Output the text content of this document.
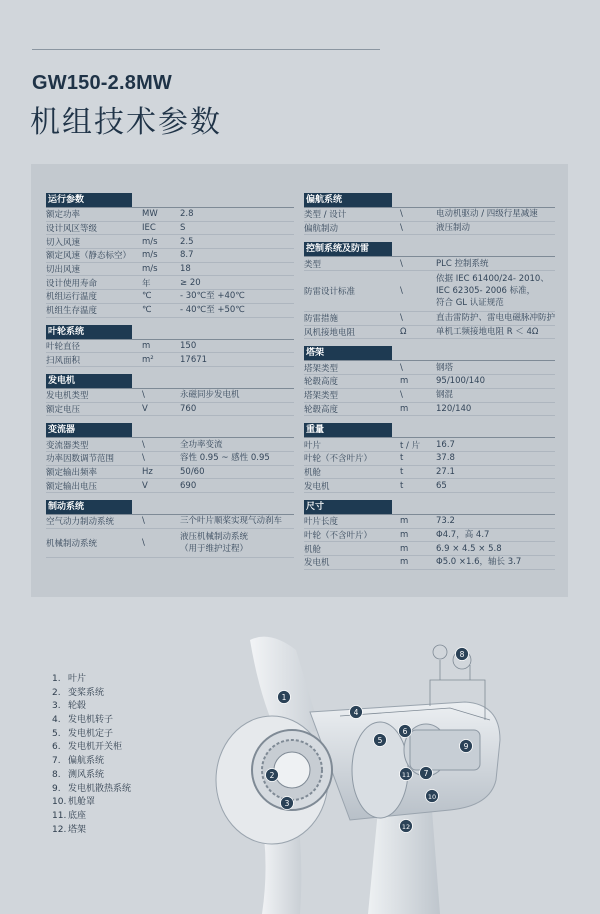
GW150-2.8MW
机组技术参数
运行参数
额定功率	MW	2.8
设计风区等级	IEC	S
切入风速	m/s	2.5
额定风速（静态标空）	m/s	8.7
切出风速	m/s	18
设计使用寿命	年	≥ 20
机组运行温度	℃	- 30℃至 +40℃
机组生存温度	℃	- 40℃至 +50℃
叶轮系统
叶轮直径	m	150
扫风面积	m²	17671
发电机
发电机类型	\	永磁同步发电机
额定电压	V	760
变流器
变流器类型	\	全功率变流
功率因数调节范围	\	容性 0.95 ~ 感性 0.95
额定输出频率	Hz	50/60
额定输出电压	V	690
制动系统
空气动力制动系统	\	三个叶片顺桨实现气动刹车
机械制动系统	\
液压机械制动系统
（用于维护过程）
偏航系统
类型 / 设计	\	电动机驱动 / 四级行星减速
偏航制动	\	液压制动
控制系统及防雷
类型	\	PLC 控制系统
防雷设计标准	\
依据 IEC 61400/24- 2010、
IEC 62305- 2006 标准，
符合 GL 认证规范
防雷措施	\	直击雷防护、雷电电磁脉冲防护
风机接地电阻	Ω	单机工频接地电阻 R ＜ 4Ω
塔架
塔架类型	\	钢塔
轮毂高度	m	95/100/140
塔架类型	\	钢混
轮毂高度	m	120/140
重量
叶片	t / 片	16.7
叶轮（不含叶片）	t	37.8
机舱	t	27.1
发电机	t	65
尺寸
叶片长度	m	73.2
叶轮（不含叶片）	m	Φ4.7，高 4.7
机舱	m	6.9 × 4.5 × 5.8
发电机	m	Φ5.0 ×1.6，轴长 3.7
1. 叶片
2. 变桨系统
3. 轮毂
4. 发电机转子
5. 发电机定子
6. 发电机开关柜
7. 偏航系统
8. 测风系统
9. 发电机散热系统
10. 机舱罩
11. 底座
12. 塔架
1
2
3
4
5
6
7
8
9
10
11
12
